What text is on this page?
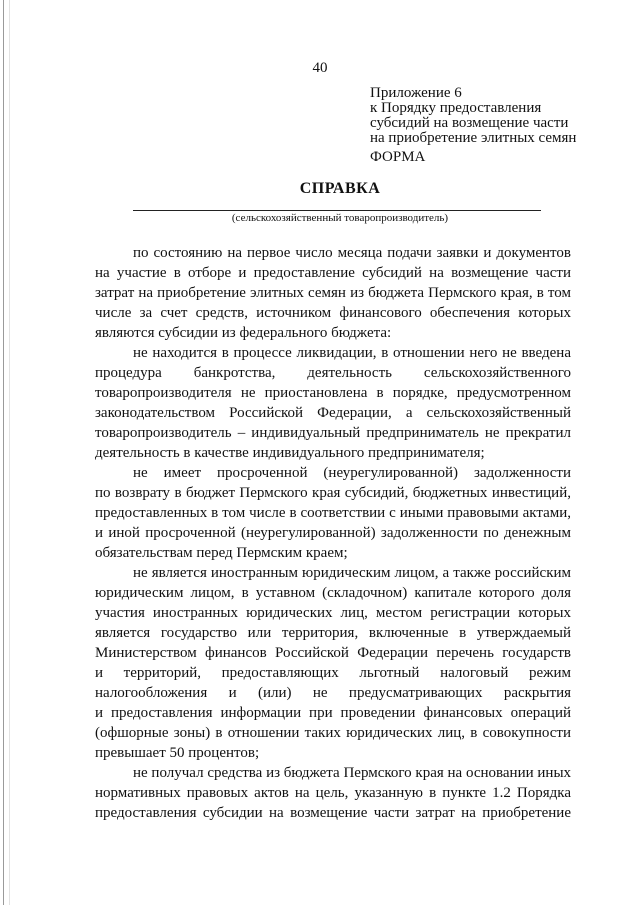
40
Приложение 6
к Порядку предоставления
субсидий на возмещение части
на приобретение элитных семян
ФОРМА
СПРАВКА
(сельскохозяйственный товаропроизводитель)
по состоянию на первое число месяца подачи заявки и документов
на участие в отборе и предоставление субсидий на возмещение части
затрат на приобретение элитных семян из бюджета Пермского края, в том
числе за счет средств, источником финансового обеспечения которых
являются субсидии из федерального бюджета:
не находится в процессе ликвидации, в отношении него не введена
процедура банкротства, деятельность сельскохозяйственного
товаропроизводителя не приостановлена в порядке, предусмотренном
законодательством Российской Федерации, а сельскохозяйственный
товаропроизводитель – индивидуальный предприниматель не прекратил
деятельность в качестве индивидуального предпринимателя;
не имеет просроченной (неурегулированной) задолженности
по возврату в бюджет Пермского края субсидий, бюджетных инвестиций,
предоставленных в том числе в соответствии с иными правовыми актами,
и иной просроченной (неурегулированной) задолженности по денежным
обязательствам перед Пермским краем;
не является иностранным юридическим лицом, а также российским
юридическим лицом, в уставном (складочном) капитале которого доля
участия иностранных юридических лиц, местом регистрации которых
является государство или территория, включенные в утверждаемый
Министерством финансов Российской Федерации перечень государств
и территорий, предоставляющих льготный налоговый режим
налогообложения и (или) не предусматривающих раскрытия
и предоставления информации при проведении финансовых операций
(офшорные зоны) в отношении таких юридических лиц, в совокупности
превышает 50 процентов;
не получал средства из бюджета Пермского края на основании иных
нормативных правовых актов на цель, указанную в пункте 1.2 Порядка
предоставления субсидии на возмещение части затрат на приобретение
